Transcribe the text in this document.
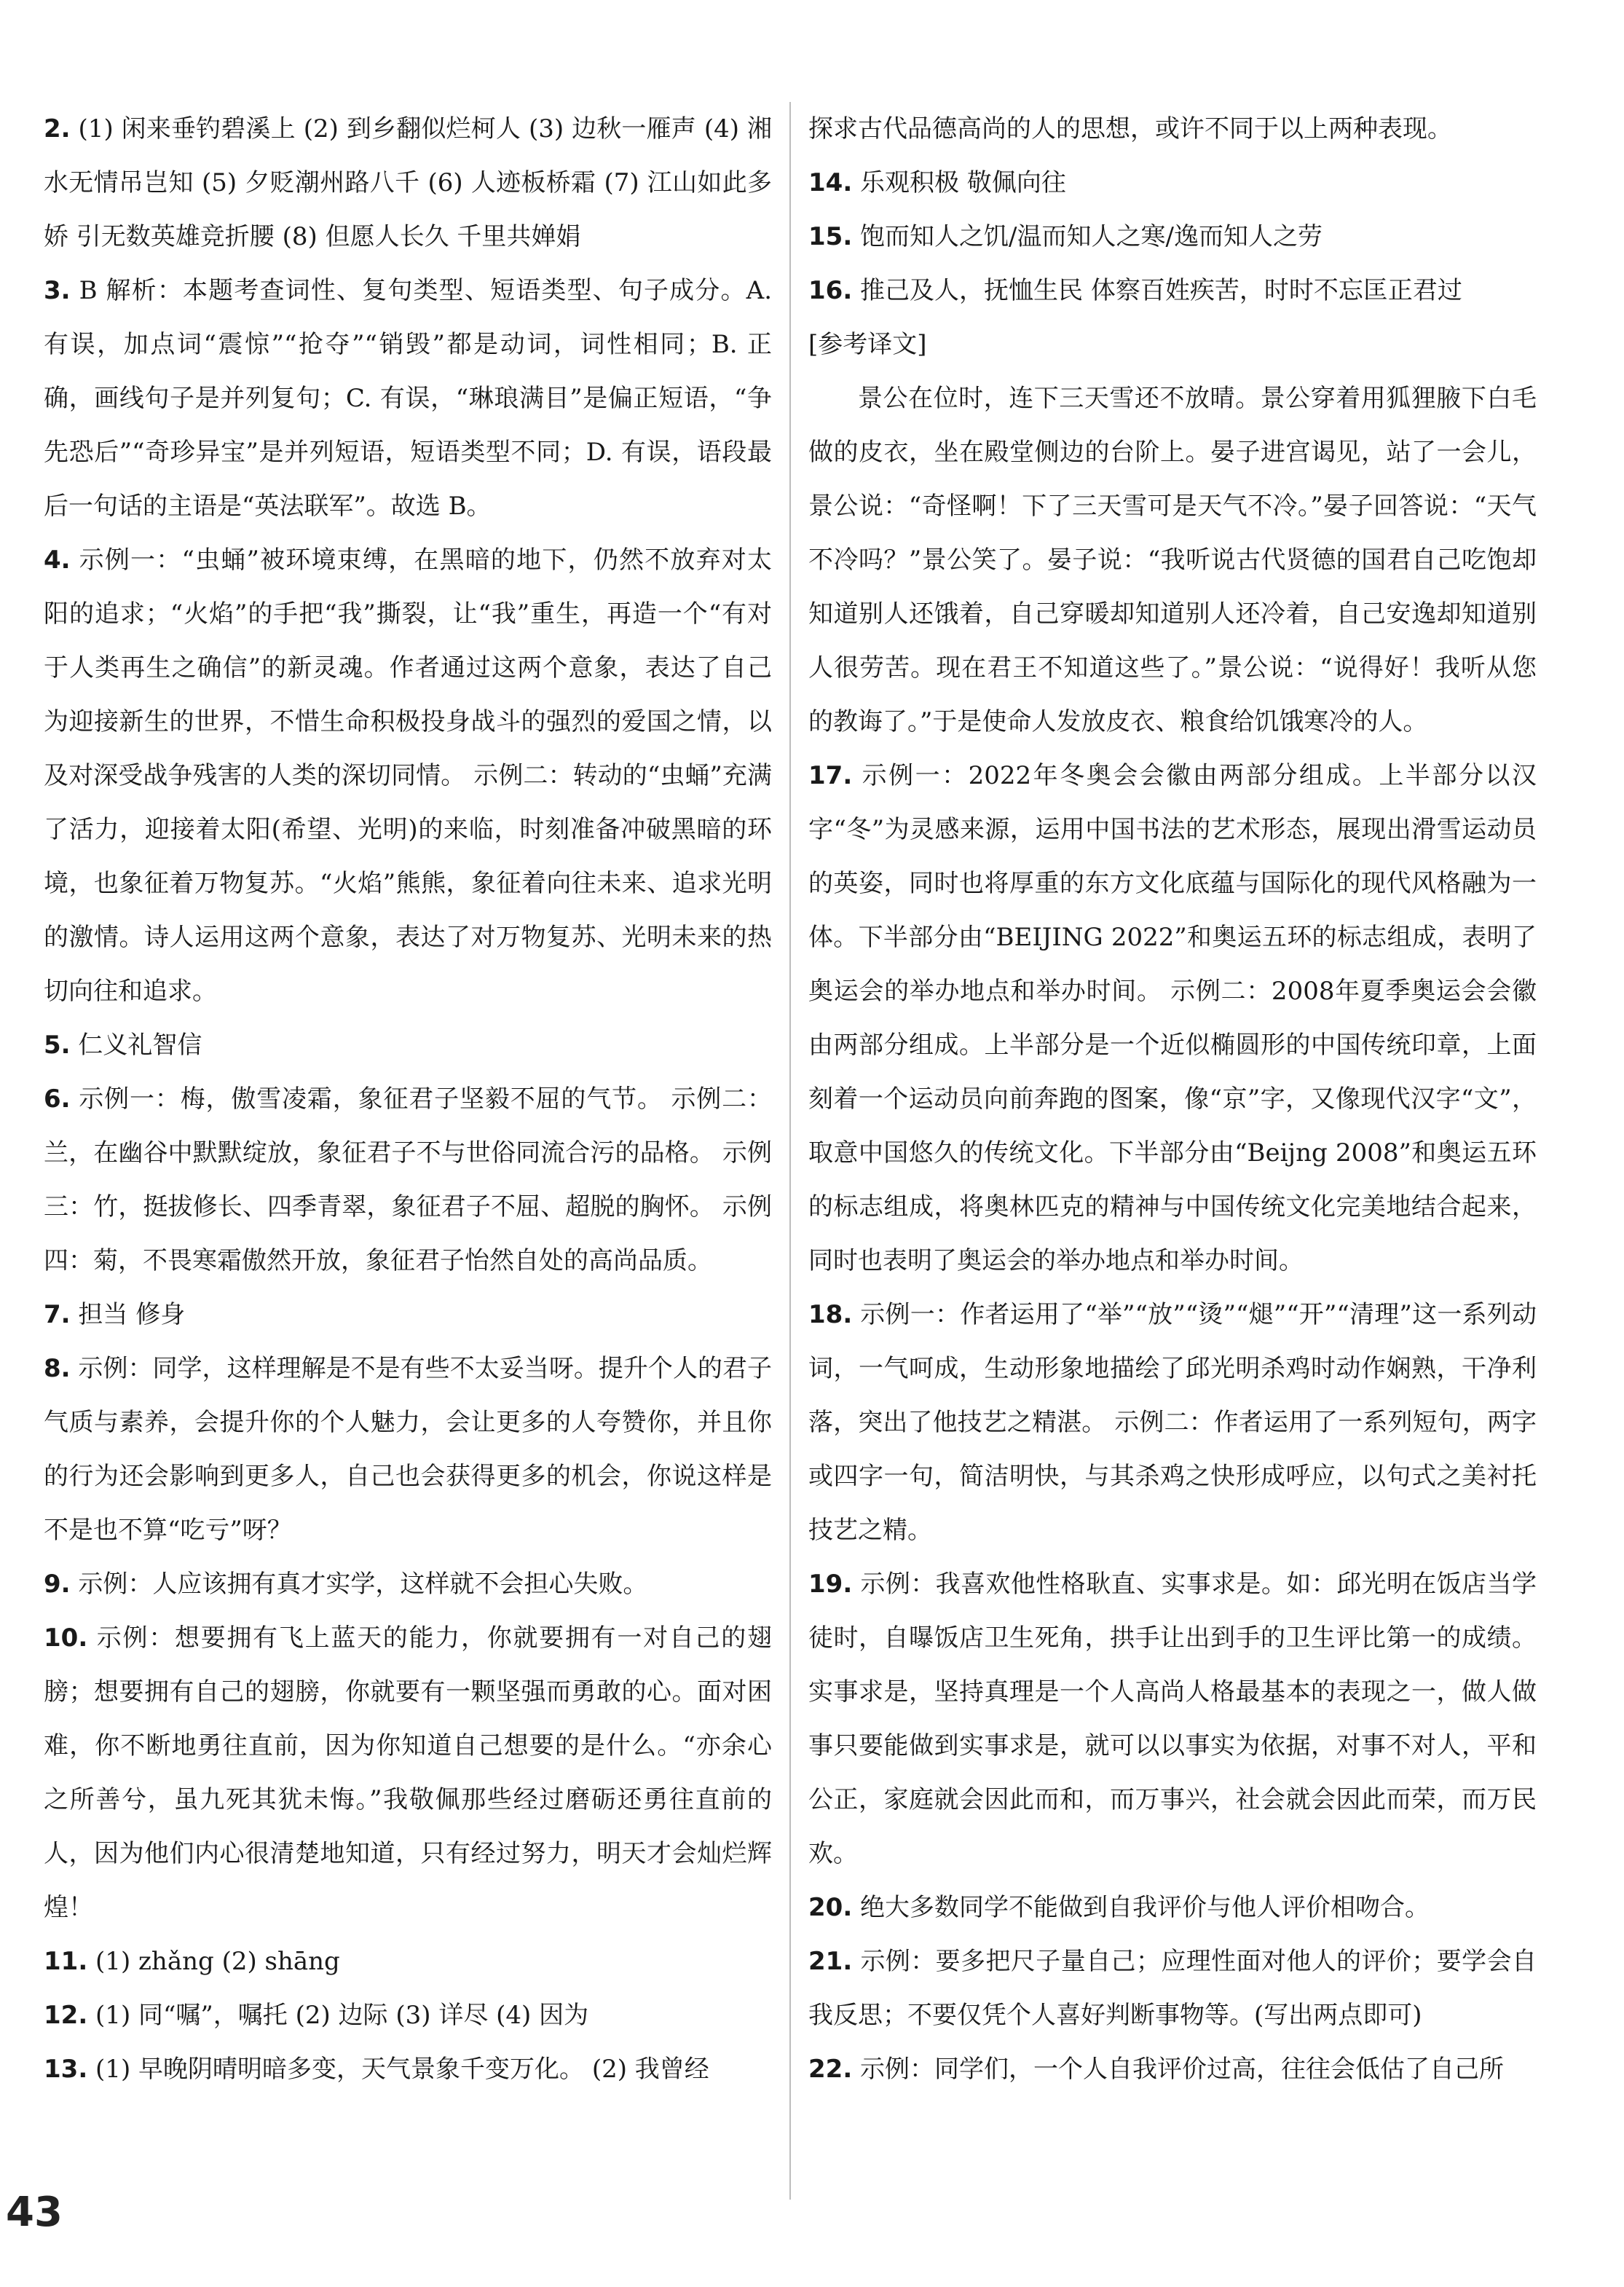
2. (1) 闲来垂钓碧溪上 (2) 到乡翻似烂柯人 (3) 边秋一雁声 (4) 湘水无情吊岂知 (5) 夕贬潮州路八千 (6) 人迹板桥霜 (7) 江山如此多娇 引无数英雄竞折腰 (8) 但愿人长久 千里共婵娟

3. B 解析：本题考查词性、复句类型、短语类型、句子成分。A. 有误，加点词“震惊”“抢夺”“销毁”都是动词，词性相同；B. 正确，画线句子是并列复句；C. 有误，“琳琅满目”是偏正短语，“争先恐后”“奇珍异宝”是并列短语，短语类型不同；D. 有误，语段最后一句话的主语是“英法联军”。故选 B。

4. 示例一：“虫蛹”被环境束缚，在黑暗的地下，仍然不放弃对太阳的追求；“火焰”的手把“我”撕裂，让“我”重生，再造一个“有对于人类再生之确信”的新灵魂。作者通过这两个意象，表达了自己为迎接新生的世界，不惜生命积极投身战斗的强烈的爱国之情，以及对深受战争残害的人类的深切同情。 示例二：转动的“虫蛹”充满了活力，迎接着太阳(希望、光明)的来临，时刻准备冲破黑暗的环境，也象征着万物复苏。“火焰”熊熊，象征着向往未来、追求光明的激情。诗人运用这两个意象，表达了对万物复苏、光明未来的热切向往和追求。

5. 仁义礼智信

6. 示例一：梅，傲雪凌霜，象征君子坚毅不屈的气节。 示例二：兰，在幽谷中默默绽放，象征君子不与世俗同流合污的品格。 示例三：竹，挺拔修长、四季青翠，象征君子不屈、超脱的胸怀。 示例四：菊，不畏寒霜傲然开放，象征君子怡然自处的高尚品质。

7. 担当 修身

8. 示例：同学，这样理解是不是有些不太妥当呀。提升个人的君子气质与素养，会提升你的个人魅力，会让更多的人夸赞你，并且你的行为还会影响到更多人，自己也会获得更多的机会，你说这样是不是也不算“吃亏”呀？

9. 示例：人应该拥有真才实学，这样就不会担心失败。

10. 示例：想要拥有飞上蓝天的能力，你就要拥有一对自己的翅膀；想要拥有自己的翅膀，你就要有一颗坚强而勇敢的心。面对困难，你不断地勇往直前，因为你知道自己想要的是什么。“亦余心之所善兮，虽九死其犹未悔。”我敬佩那些经过磨砺还勇往直前的人，因为他们内心很清楚地知道，只有经过努力，明天才会灿烂辉煌！

11. (1) zhǎng (2) shāng

12. (1) 同“嘱”，嘱托 (2) 边际 (3) 详尽 (4) 因为

13. (1) 早晚阴晴明暗多变，天气景象千变万化。 (2) 我曾经

探求古代品德高尚的人的思想，或许不同于以上两种表现。

14. 乐观积极 敬佩向往

15. 饱而知人之饥/温而知人之寒/逸而知人之劳

16. 推己及人，抚恤生民 体察百姓疾苦，时时不忘匡正君过

[参考译文]

景公在位时，连下三天雪还不放晴。景公穿着用狐狸腋下白毛做的皮衣，坐在殿堂侧边的台阶上。晏子进宫谒见，站了一会儿，景公说：“奇怪啊！下了三天雪可是天气不冷。”晏子回答说：“天气不冷吗？”景公笑了。晏子说：“我听说古代贤德的国君自己吃饱却知道别人还饿着，自己穿暖却知道别人还冷着，自己安逸却知道别人很劳苦。现在君王不知道这些了。”景公说：“说得好！我听从您的教诲了。”于是使命人发放皮衣、粮食给饥饿寒冷的人。

17. 示例一：2022年冬奥会会徽由两部分组成。上半部分以汉字“冬”为灵感来源，运用中国书法的艺术形态，展现出滑雪运动员的英姿，同时也将厚重的东方文化底蕴与国际化的现代风格融为一体。下半部分由“BEIJING 2022”和奥运五环的标志组成，表明了奥运会的举办地点和举办时间。 示例二：2008年夏季奥运会会徽由两部分组成。上半部分是一个近似椭圆形的中国传统印章，上面刻着一个运动员向前奔跑的图案，像“京”字，又像现代汉字“文”，取意中国悠久的传统文化。下半部分由“Beijng 2008”和奥运五环的标志组成，将奥林匹克的精神与中国传统文化完美地结合起来，同时也表明了奥运会的举办地点和举办时间。

18. 示例一：作者运用了“举”“放”“烫”“煺”“开”“清理”这一系列动词，一气呵成，生动形象地描绘了邱光明杀鸡时动作娴熟，干净利落，突出了他技艺之精湛。 示例二：作者运用了一系列短句，两字或四字一句，简洁明快，与其杀鸡之快形成呼应，以句式之美衬托技艺之精。

19. 示例：我喜欢他性格耿直、实事求是。如：邱光明在饭店当学徒时，自曝饭店卫生死角，拱手让出到手的卫生评比第一的成绩。实事求是，坚持真理是一个人高尚人格最基本的表现之一，做人做事只要能做到实事求是，就可以以事实为依据，对事不对人，平和公正，家庭就会因此而和，而万事兴，社会就会因此而荣，而万民欢。

20. 绝大多数同学不能做到自我评价与他人评价相吻合。

21. 示例：要多把尺子量自己；应理性面对他人的评价；要学会自我反思；不要仅凭个人喜好判断事物等。(写出两点即可)

22. 示例：同学们，一个人自我评价过高，往往会低估了自己所

43
